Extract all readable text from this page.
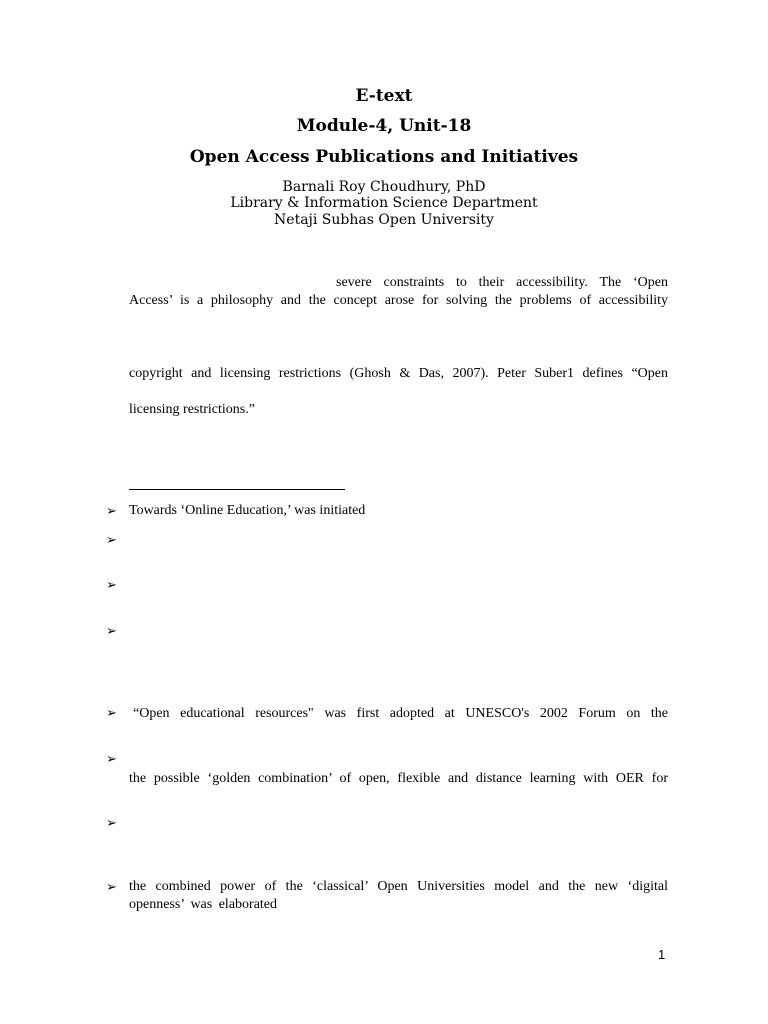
E-text
Module-4, Unit-18
Open Access Publications and Initiatives
Barnali Roy Choudhury, PhD
Library & Information Science Department
Netaji Subhas Open University
severe constraints to their accessibility. The ‘Open
Access’ is a philosophy and the concept arose for solving the problems of accessibility
copyright and licensing restrictions (Ghosh & Das, 2007). Peter Suber1 defines “Open
licensing restrictions.”
➢ Towards ‘Online Education,’ was initiated
➢
➢
➢
➢ “Open educational resources" was first adopted at UNESCO's 2002 Forum on the
➢
the possible ‘golden combination’ of open, flexible and distance learning with OER for
➢
➢ the combined power of the ‘classical’ Open Universities model and the new ‘digital
openness’ was elaborated
1
